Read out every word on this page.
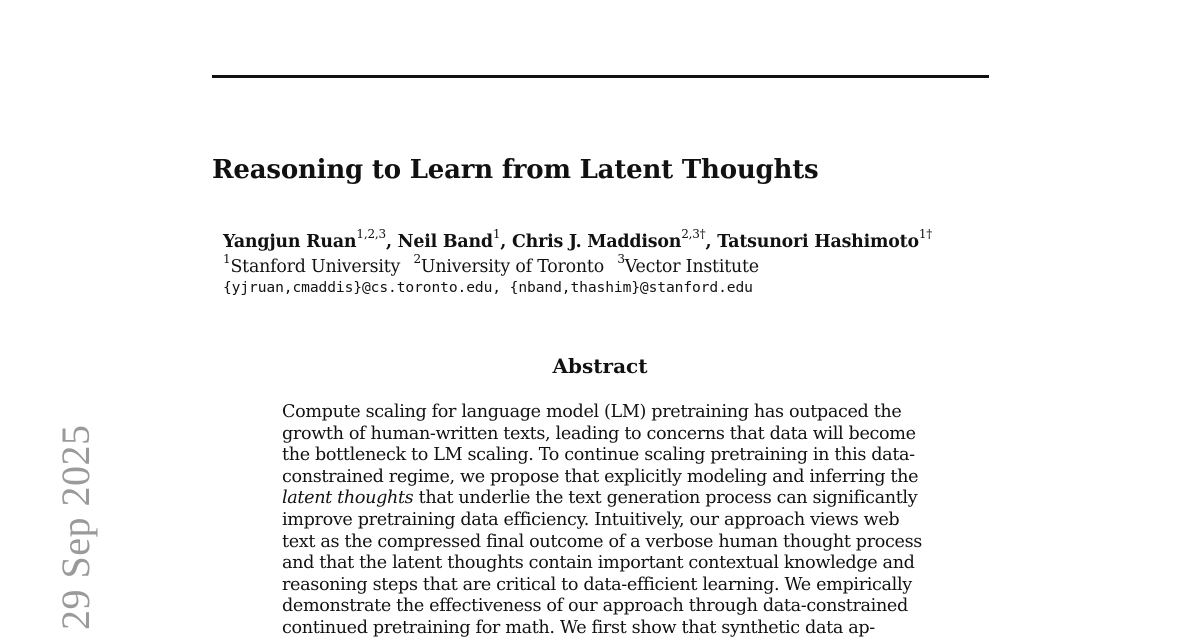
29 Sep 2025
Reasoning to Learn from Latent Thoughts
Yangjun Ruan$^{1,2,3}$, Neil Band$^1$, Chris J. Maddison$^{2,3\dagger}$, Tatsunori Hashimoto$^{1\dagger}$
$^1$Stanford University $^2$University of Toronto $^3$Vector Institute
{yjruan,cmaddis}@cs.toronto.edu, {nband,thashim}@stanford.edu
Abstract
Compute scaling for language model (LM) pretraining has outpaced the
growth of human-written texts, leading to concerns that data will become
the bottleneck to LM scaling. To continue scaling pretraining in this data-
constrained regime, we propose that explicitly modeling and inferring the
latent thoughts that underlie the text generation process can significantly
improve pretraining data efficiency. Intuitively, our approach views web
text as the compressed final outcome of a verbose human thought process
and that the latent thoughts contain important contextual knowledge and
reasoning steps that are critical to data-efficient learning. We empirically
demonstrate the effectiveness of our approach through data-constrained
continued pretraining for math. We first show that synthetic data ap-
